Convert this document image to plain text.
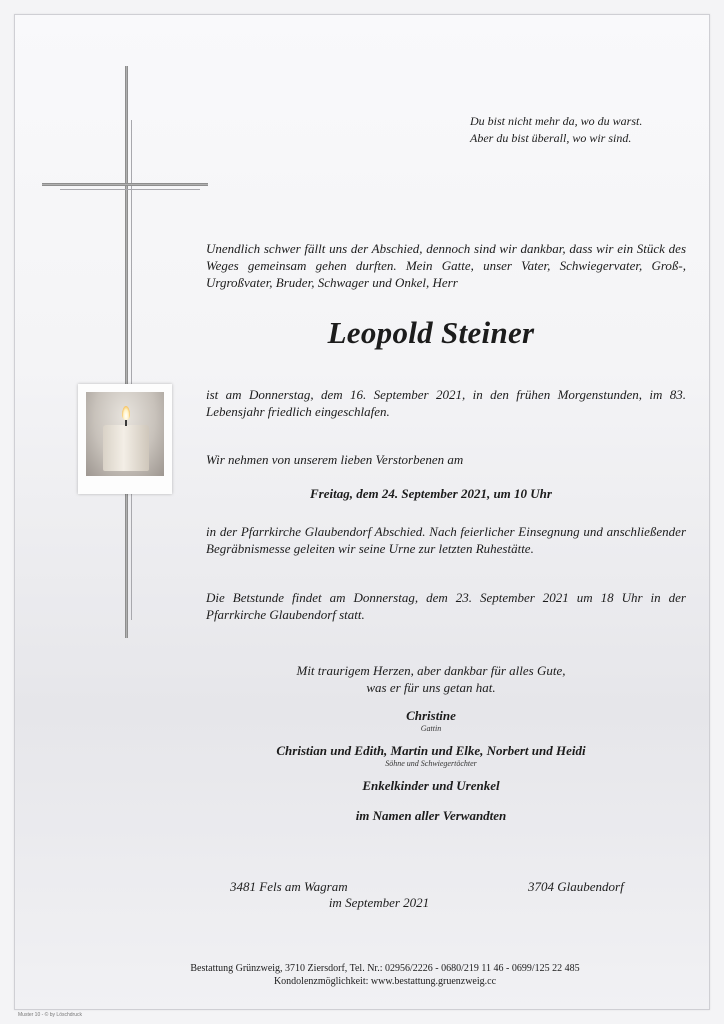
Du bist nicht mehr da, wo du warst.
Aber du bist überall, wo wir sind.

Unendlich schwer fällt uns der Abschied, dennoch sind wir dankbar, dass wir ein Stück des Weges gemeinsam gehen durften. Mein Gatte, unser Vater, Schwiegervater, Groß-, Urgroßvater, Bruder, Schwager und Onkel, Herr

Leopold Steiner

ist am Donnerstag, dem 16. September 2021, in den frühen Morgenstunden, im 83. Lebensjahr friedlich eingeschlafen.

Wir nehmen von unserem lieben Verstorbenen am

Freitag, dem 24. September 2021, um 10 Uhr

in der Pfarrkirche Glaubendorf Abschied. Nach feierlicher Einsegnung und anschließender Begräbnismesse geleiten wir seine Urne zur letzten Ruhestätte.

Die Betstunde findet am Donnerstag, dem 23. September 2021 um 18 Uhr in der Pfarrkirche Glaubendorf statt.

Mit traurigem Herzen, aber dankbar für alles Gute,
was er für uns getan hat.
Christine
Gattin
Christian und Edith, Martin und Elke, Norbert und Heidi
Söhne und Schwiegertöchter
Enkelkinder und Urenkel
im Namen aller Verwandten
3481 Fels am Wagram	3704 Glaubendorf
im September 2021
Bestattung Grünzweig, 3710 Ziersdorf, Tel. Nr.: 02956/2226 - 0680/219 11 46 - 0699/125 22 485
Kondolenzmöglichkeit: www.bestattung.gruenzweig.cc
Muster 10 - © by Löschdruck
